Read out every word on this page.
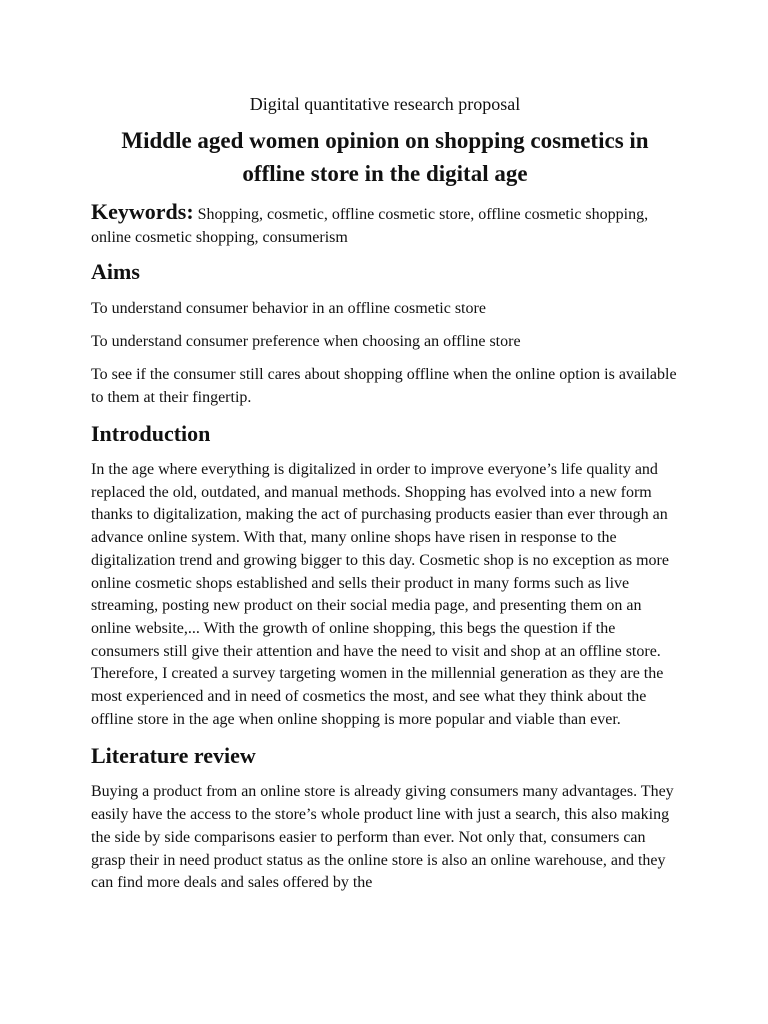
Digital quantitative research proposal
Middle aged women opinion on shopping cosmetics in offline store in the digital age
Keywords: Shopping, cosmetic, offline cosmetic store, offline cosmetic shopping, online cosmetic shopping, consumerism
Aims

To understand consumer behavior in an offline cosmetic store

To understand consumer preference when choosing an offline store

To see if the consumer still cares about shopping offline when the online option is available to them at their fingertip.

Introduction

In the age where everything is digitalized in order to improve everyone’s life quality and replaced the old, outdated, and manual methods. Shopping has evolved into a new form thanks to digitalization, making the act of purchasing products easier than ever through an advance online system. With that, many online shops have risen in response to the digitalization trend and growing bigger to this day. Cosmetic shop is no exception as more online cosmetic shops established and sells their product in many forms such as live streaming, posting new product on their social media page, and presenting them on an online website,... With the growth of online shopping, this begs the question if the consumers still give their attention and have the need to visit and shop at an offline store. Therefore, I created a survey targeting women in the millennial generation as they are the most experienced and in need of cosmetics the most, and see what they think about the offline store in the age when online shopping is more popular and viable than ever.

Literature review

Buying a product from an online store is already giving consumers many advantages. They easily have the access to the store’s whole product line with just a search, this also making the side by side comparisons easier to perform than ever. Not only that, consumers can grasp their in need product status as the online store is also an online warehouse, and they can find more deals and sales offered by the
